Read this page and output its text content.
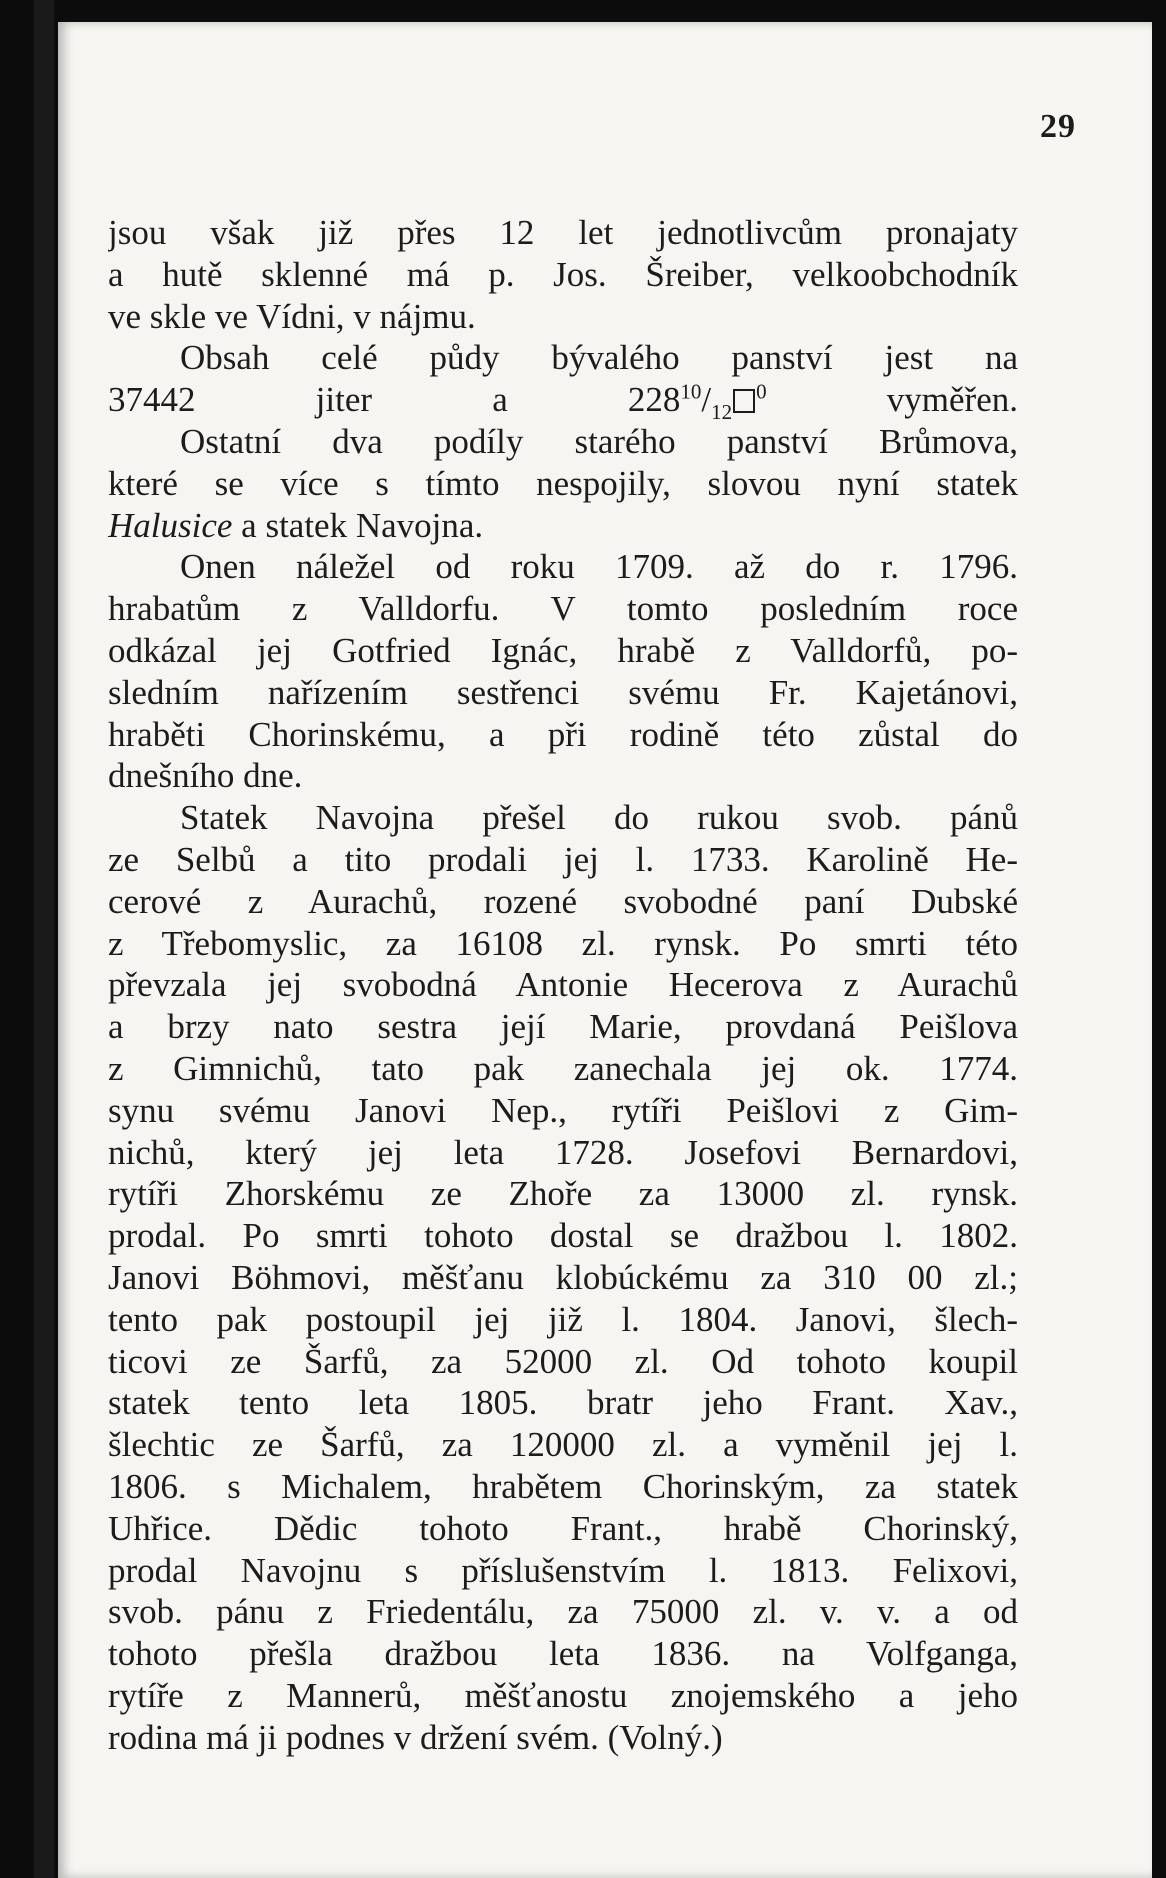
29
jsou však již přes 12 let jednotlivcům pronajaty
a hutě sklenné má p. Jos. Šreiber, velkoobchodník
ve skle ve Vídni, v nájmu.
Obsah celé půdy bývalého panství jest na
37442 jiter a $228^{10}/_{12}^0$ vyměřen.
Ostatní dva podíly starého panství Brůmova,
které se více s tímto nespojily, slovou nyní statek
Halusice a statek Navojna.
Onen náležel od roku 1709. až do r. 1796.
hrabatům z Valldorfu. V tomto posledním roce
odkázal jej Gotfried Ignác, hrabě z Valldorfů, po-
sledním nařízením sestřenci svému Fr. Kajetánovi,
hraběti Chorinskému, a při rodině této zůstal do
dnešního dne.
Statek Navojna přešel do rukou svob. pánů
ze Selbů a tito prodali jej l. 1733. Karolině He-
cerové z Aurachů, rozené svobodné paní Dubské
z Třebomyslic, za 16108 zl. rynsk. Po smrti této
převzala jej svobodná Antonie Hecerova z Aurachů
a brzy nato sestra její Marie, provdaná Peišlova
z Gimnichů, tato pak zanechala jej ok. 1774.
synu svému Janovi Nep., rytíři Peišlovi z Gim-
nichů, který jej leta 1728. Josefovi Bernardovi,
rytíři Zhorskému ze Zhoře za 13000 zl. rynsk.
prodal. Po smrti tohoto dostal se dražbou l. 1802.
Janovi Böhmovi, měšťanu klobúckému za 310 00 zl.;
tento pak postoupil jej již l. 1804. Janovi, šlech-
ticovi ze Šarfů, za 52000 zl. Od tohoto koupil
statek tento leta 1805. bratr jeho Frant. Xav.,
šlechtic ze Šarfů, za 120000 zl. a vyměnil jej l.
1806. s Michalem, hrabětem Chorinským, za statek
Uhřice. Dědic tohoto Frant., hrabě Chorinský,
prodal Navojnu s příslušenstvím l. 1813. Felixovi,
svob. pánu z Friedentálu, za 75000 zl. v. v. a od
tohoto přešla dražbou leta 1836. na Volfganga,
rytíře z Mannerů, měšťanostu znojemského a jeho
rodina má ji podnes v držení svém. (Volný.)
